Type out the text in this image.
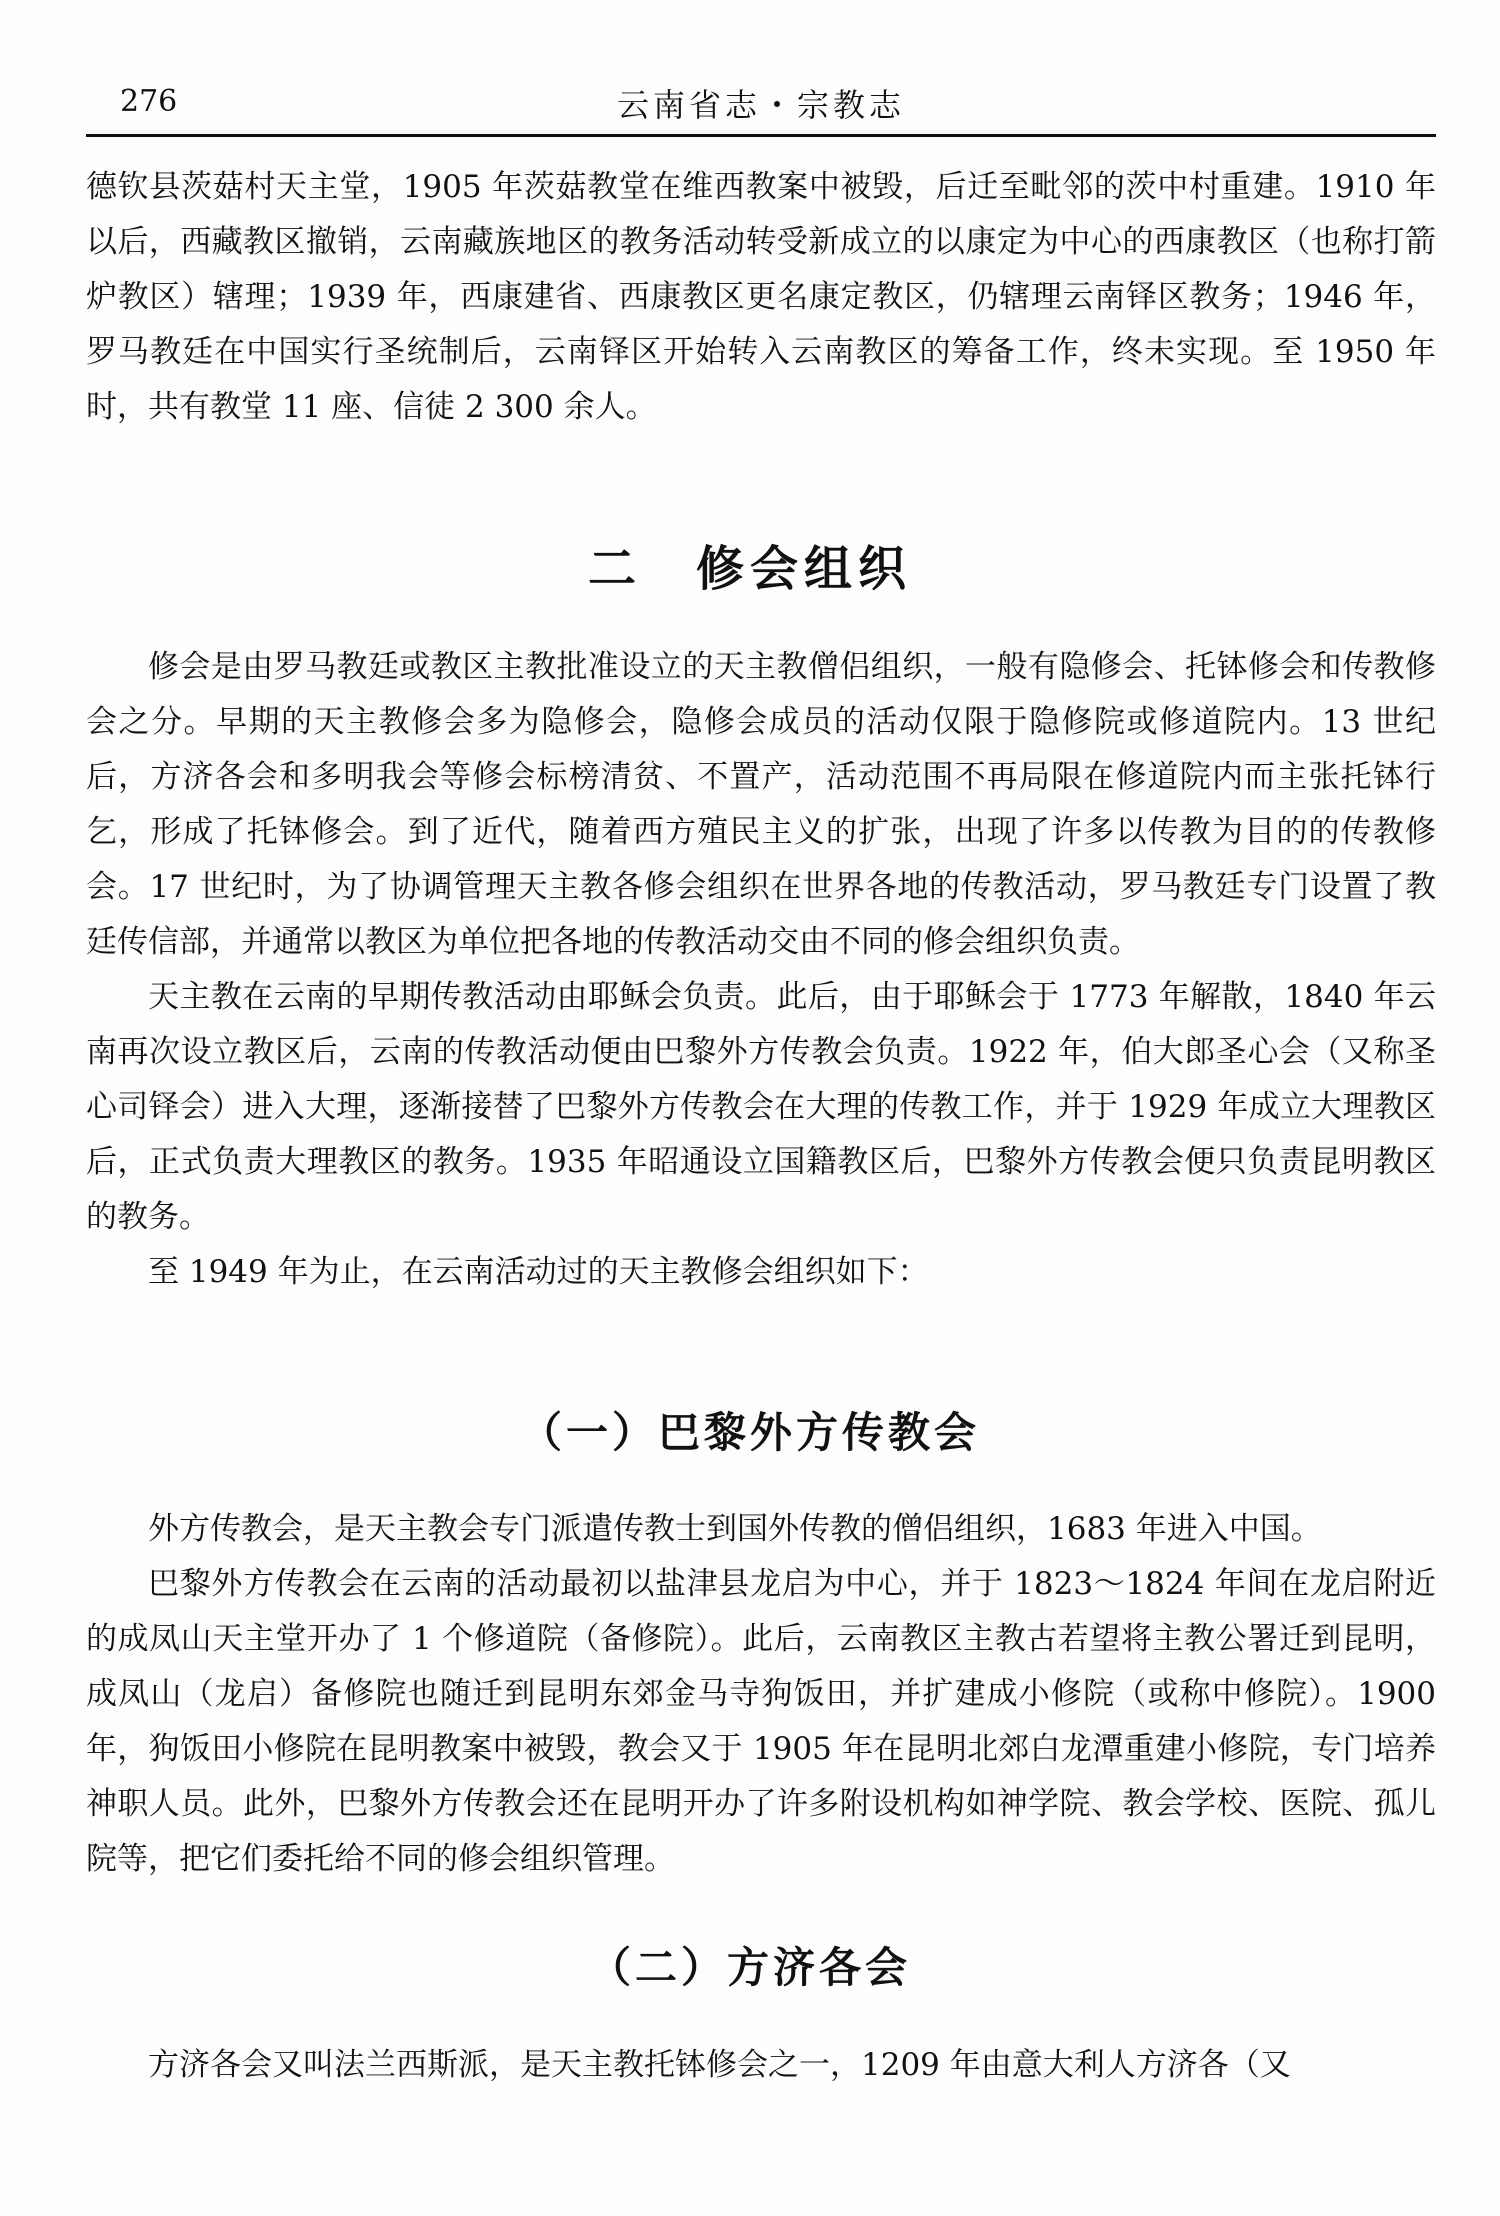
276	云南省志・宗教志

德钦县茨菇村天主堂，1905 年茨菇教堂在维西教案中被毁，后迁至毗邻的茨中村重建。1910 年以后，西藏教区撤销，云南藏族地区的教务活动转受新成立的以康定为中心的西康教区（也称打箭炉教区）辖理；1939 年，西康建省、西康教区更名康定教区，仍辖理云南铎区教务；1946 年，罗马教廷在中国实行圣统制后，云南铎区开始转入云南教区的筹备工作，终未实现。至 1950 年时，共有教堂 11 座、信徒 2 300 余人。

二　修会组织

修会是由罗马教廷或教区主教批准设立的天主教僧侣组织，一般有隐修会、托钵修会和传教修会之分。早期的天主教修会多为隐修会，隐修会成员的活动仅限于隐修院或修道院内。13 世纪后，方济各会和多明我会等修会标榜清贫、不置产，活动范围不再局限在修道院内而主张托钵行乞，形成了托钵修会。到了近代，随着西方殖民主义的扩张，出现了许多以传教为目的的传教修会。17 世纪时，为了协调管理天主教各修会组织在世界各地的传教活动，罗马教廷专门设置了教廷传信部，并通常以教区为单位把各地的传教活动交由不同的修会组织负责。

天主教在云南的早期传教活动由耶稣会负责。此后，由于耶稣会于 1773 年解散，1840 年云南再次设立教区后，云南的传教活动便由巴黎外方传教会负责。1922 年，伯大郎圣心会（又称圣心司铎会）进入大理，逐渐接替了巴黎外方传教会在大理的传教工作，并于 1929 年成立大理教区后，正式负责大理教区的教务。1935 年昭通设立国籍教区后，巴黎外方传教会便只负责昆明教区的教务。

至 1949 年为止，在云南活动过的天主教修会组织如下：

（一）巴黎外方传教会

外方传教会，是天主教会专门派遣传教士到国外传教的僧侣组织，1683 年进入中国。

巴黎外方传教会在云南的活动最初以盐津县龙启为中心，并于 1823～1824 年间在龙启附近的成凤山天主堂开办了 1 个修道院（备修院）。此后，云南教区主教古若望将主教公署迁到昆明，成凤山（龙启）备修院也随迁到昆明东郊金马寺狗饭田，并扩建成小修院（或称中修院）。1900 年，狗饭田小修院在昆明教案中被毁，教会又于 1905 年在昆明北郊白龙潭重建小修院，专门培养神职人员。此外，巴黎外方传教会还在昆明开办了许多附设机构如神学院、教会学校、医院、孤儿院等，把它们委托给不同的修会组织管理。

（二）方济各会

方济各会又叫法兰西斯派，是天主教托钵修会之一，1209 年由意大利人方济各（又
